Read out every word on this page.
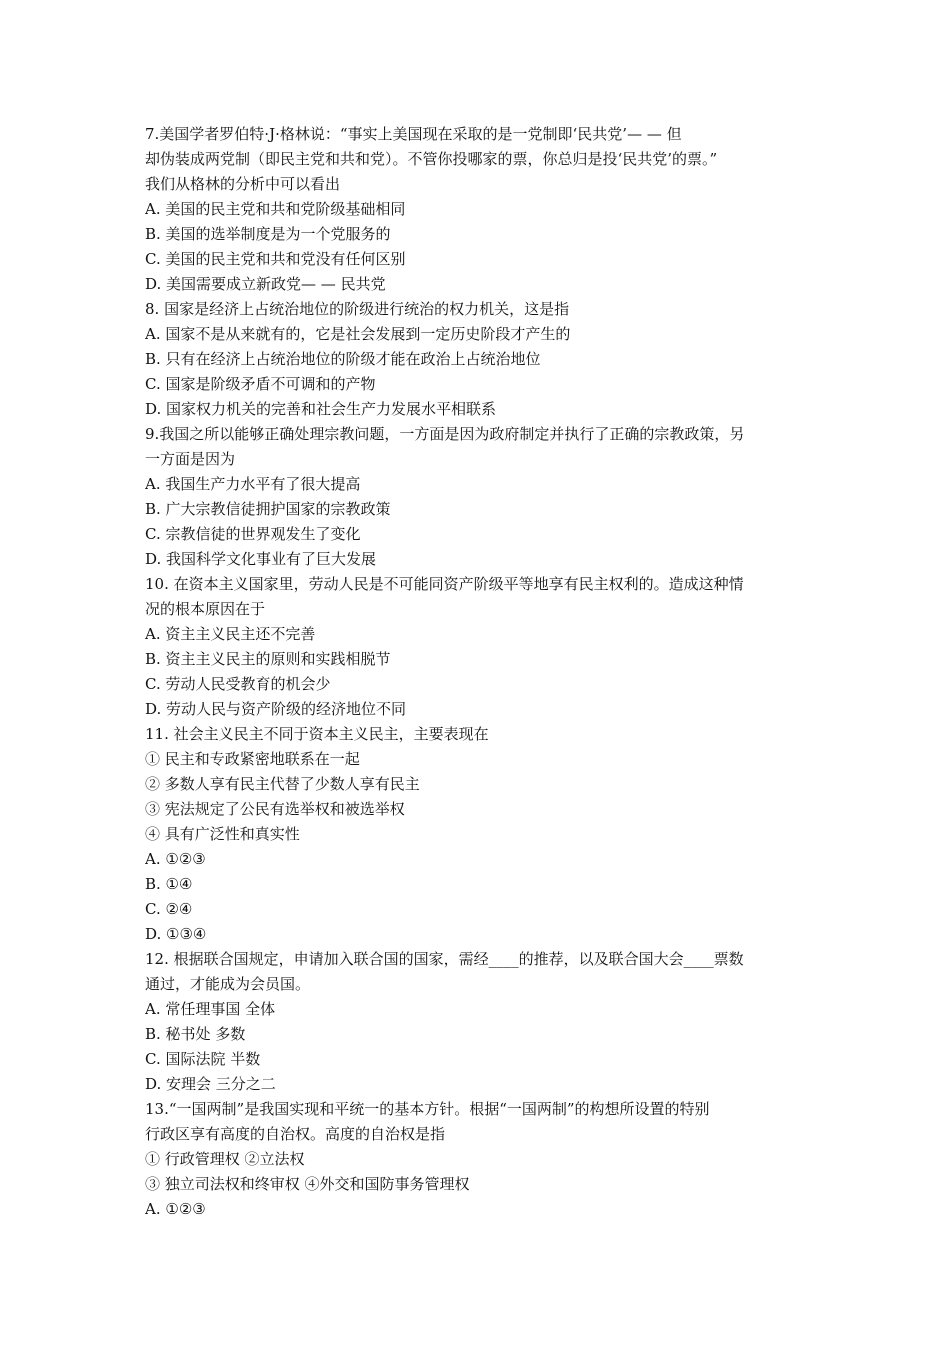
7.美国学者罗伯特·J·格林说：“事实上美国现在采取的是一党制即‘民共党’— — 但
却伪装成两党制（即民主党和共和党）。不管你投哪家的票，你总归是投‘民共党’的票。”
我们从格林的分析中可以看出
A. 美国的民主党和共和党阶级基础相同
B. 美国的选举制度是为一个党服务的
C. 美国的民主党和共和党没有任何区别
D. 美国需要成立新政党— — 民共党
8. 国家是经济上占统治地位的阶级进行统治的权力机关，这是指
A. 国家不是从来就有的，它是社会发展到一定历史阶段才产生的
B. 只有在经济上占统治地位的阶级才能在政治上占统治地位
C. 国家是阶级矛盾不可调和的产物
D. 国家权力机关的完善和社会生产力发展水平相联系
9.我国之所以能够正确处理宗教问题，一方面是因为政府制定并执行了正确的宗教政策，另
一方面是因为
A. 我国生产力水平有了很大提高
B. 广大宗教信徒拥护国家的宗教政策
C. 宗教信徒的世界观发生了变化
D. 我国科学文化事业有了巨大发展
10. 在资本主义国家里，劳动人民是不可能同资产阶级平等地享有民主权利的。造成这种情
况的根本原因在于
A. 资主主义民主还不完善
B. 资主主义民主的原则和实践相脱节
C. 劳动人民受教育的机会少
D. 劳动人民与资产阶级的经济地位不同
11. 社会主义民主不同于资本主义民主，主要表现在
① 民主和专政紧密地联系在一起
② 多数人享有民主代替了少数人享有民主
③ 宪法规定了公民有选举权和被选举权
④ 具有广泛性和真实性
A. ①②③
B. ①④
C. ②④
D. ①③④
12. 根据联合国规定，申请加入联合国的国家，需经____的推荐，以及联合国大会____票数
通过，才能成为会员国。
A. 常任理事国 全体
B. 秘书处 多数
C. 国际法院 半数
D. 安理会 三分之二
13.“一国两制”是我国实现和平统一的基本方针。根据“一国两制”的构想所设置的特别
行政区享有高度的自治权。高度的自治权是指
① 行政管理权 ②立法权
③ 独立司法权和终审权 ④外交和国防事务管理权
A. ①②③
